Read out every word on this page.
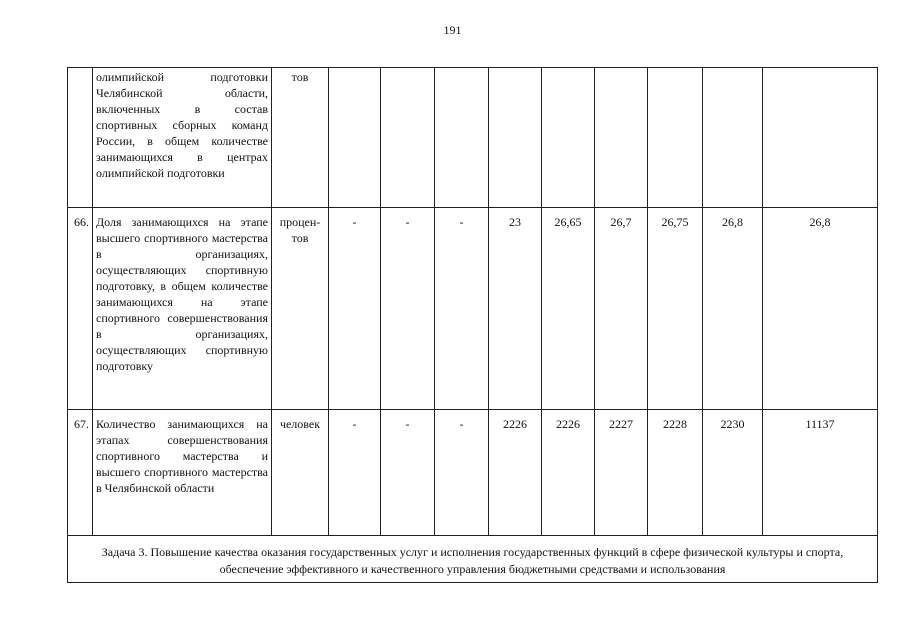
191
	олимпийской подготовки Челябинской области, включенных в состав спортивных сборных команд России, в общем количестве занимающихся в центрах олимпийской подготовки	тов									
66.	Доля занимающихся на этапе высшего спортивного мастерства в организациях, осуществляющих спортивную подготовку, в общем количестве занимающихся на этапе спортивного совершенствования в организациях, осуществляющих спортивную подготовку	процен-тов	-	-	-	23	26,65	26,7	26,75	26,8	26,8
67.	Количество занимающихся на этапах совершенствования спортивного мастерства и высшего спортивного мастерства в Челябинской области	человек	-	-	-	2226	2226	2227	2228	2230	11137
Задача 3. Повышение качества оказания государственных услуг и исполнения государственных функций в сфере физической культуры и спорта, обеспечение эффективного и качественного управления бюджетными средствами и использования											
